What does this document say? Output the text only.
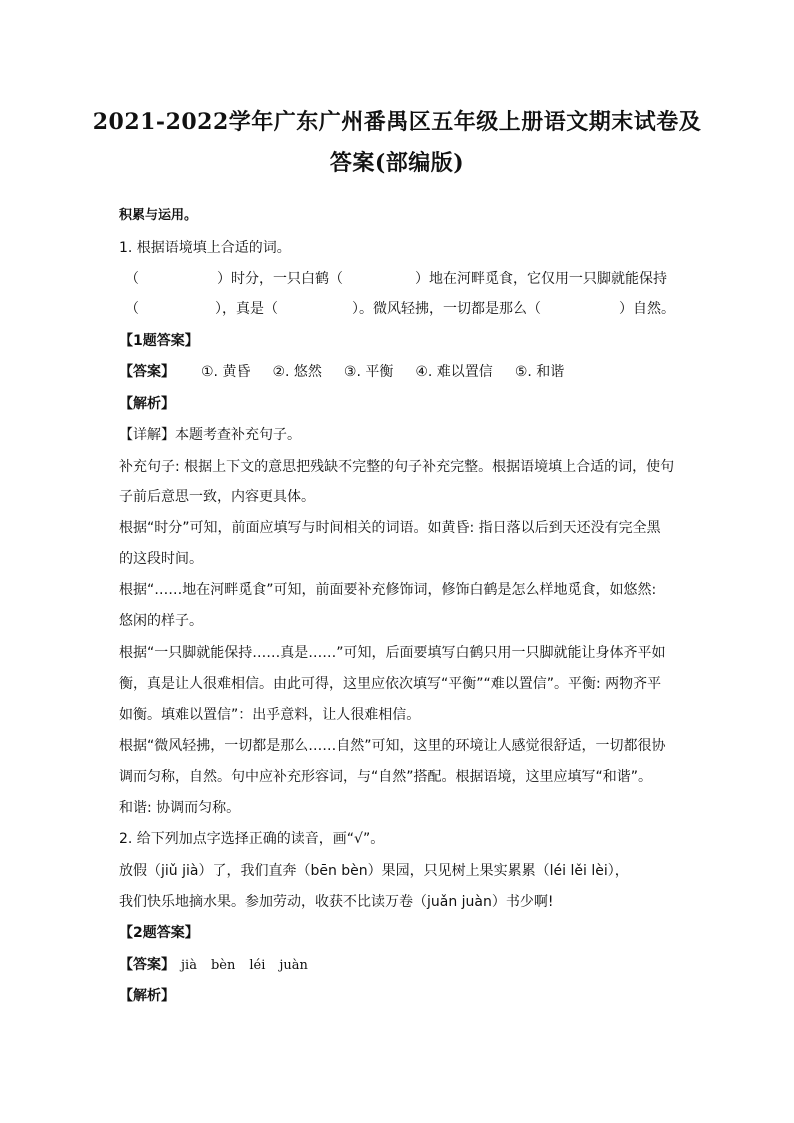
2021-2022学年广东广州番禺区五年级上册语文期末试卷及
答案(部编版)
积累与运用。
1. 根据语境填上合适的词。
（	）时分，一只白鹤（	）地在河畔觅食，它仅用一只脚就能保持
（	），真是（	）。微风轻拂，一切都是那么（	）自然。
【1题答案】
【答案】 ①. 黄昏 ②. 悠然 ③. 平衡 ④. 难以置信 ⑤. 和谐
【解析】
【详解】本题考查补充句子。
补充句子: 根据上下文的意思把残缺不完整的句子补充完整。根据语境填上合适的词，使句
子前后意思一致，内容更具体。
根据“时分”可知，前面应填写与时间相关的词语。如黄昏: 指日落以后到天还没有完全黑
的这段时间。
根据“……地在河畔觅食”可知，前面要补充修饰词，修饰白鹤是怎么样地觅食，如悠然:
悠闲的样子。
根据“一只脚就能保持……真是……”可知，后面要填写白鹤只用一只脚就能让身体齐平如
衡，真是让人很难相信。由此可得，这里应依次填写“平衡”“难以置信”。平衡: 两物齐平
如衡。填难以置信”：出乎意料，让人很难相信。
根据“微风轻拂，一切都是那么……自然”可知，这里的环境让人感觉很舒适，一切都很协
调而匀称，自然。句中应补充形容词，与“自然”搭配。根据语境，这里应填写“和谐”。
和谐: 协调而匀称。
2. 给下列加点字选择正确的读音，画“√”。
放假（jiǔ jià）了，我们直奔（bēn bèn）果园，只见树上果实累累（léi lěi lèi），
我们快乐地摘水果。参加劳动，收获不比读万卷（juǎn juàn）书少啊!
【2题答案】
【答案】 jià bèn léi juàn
【解析】
